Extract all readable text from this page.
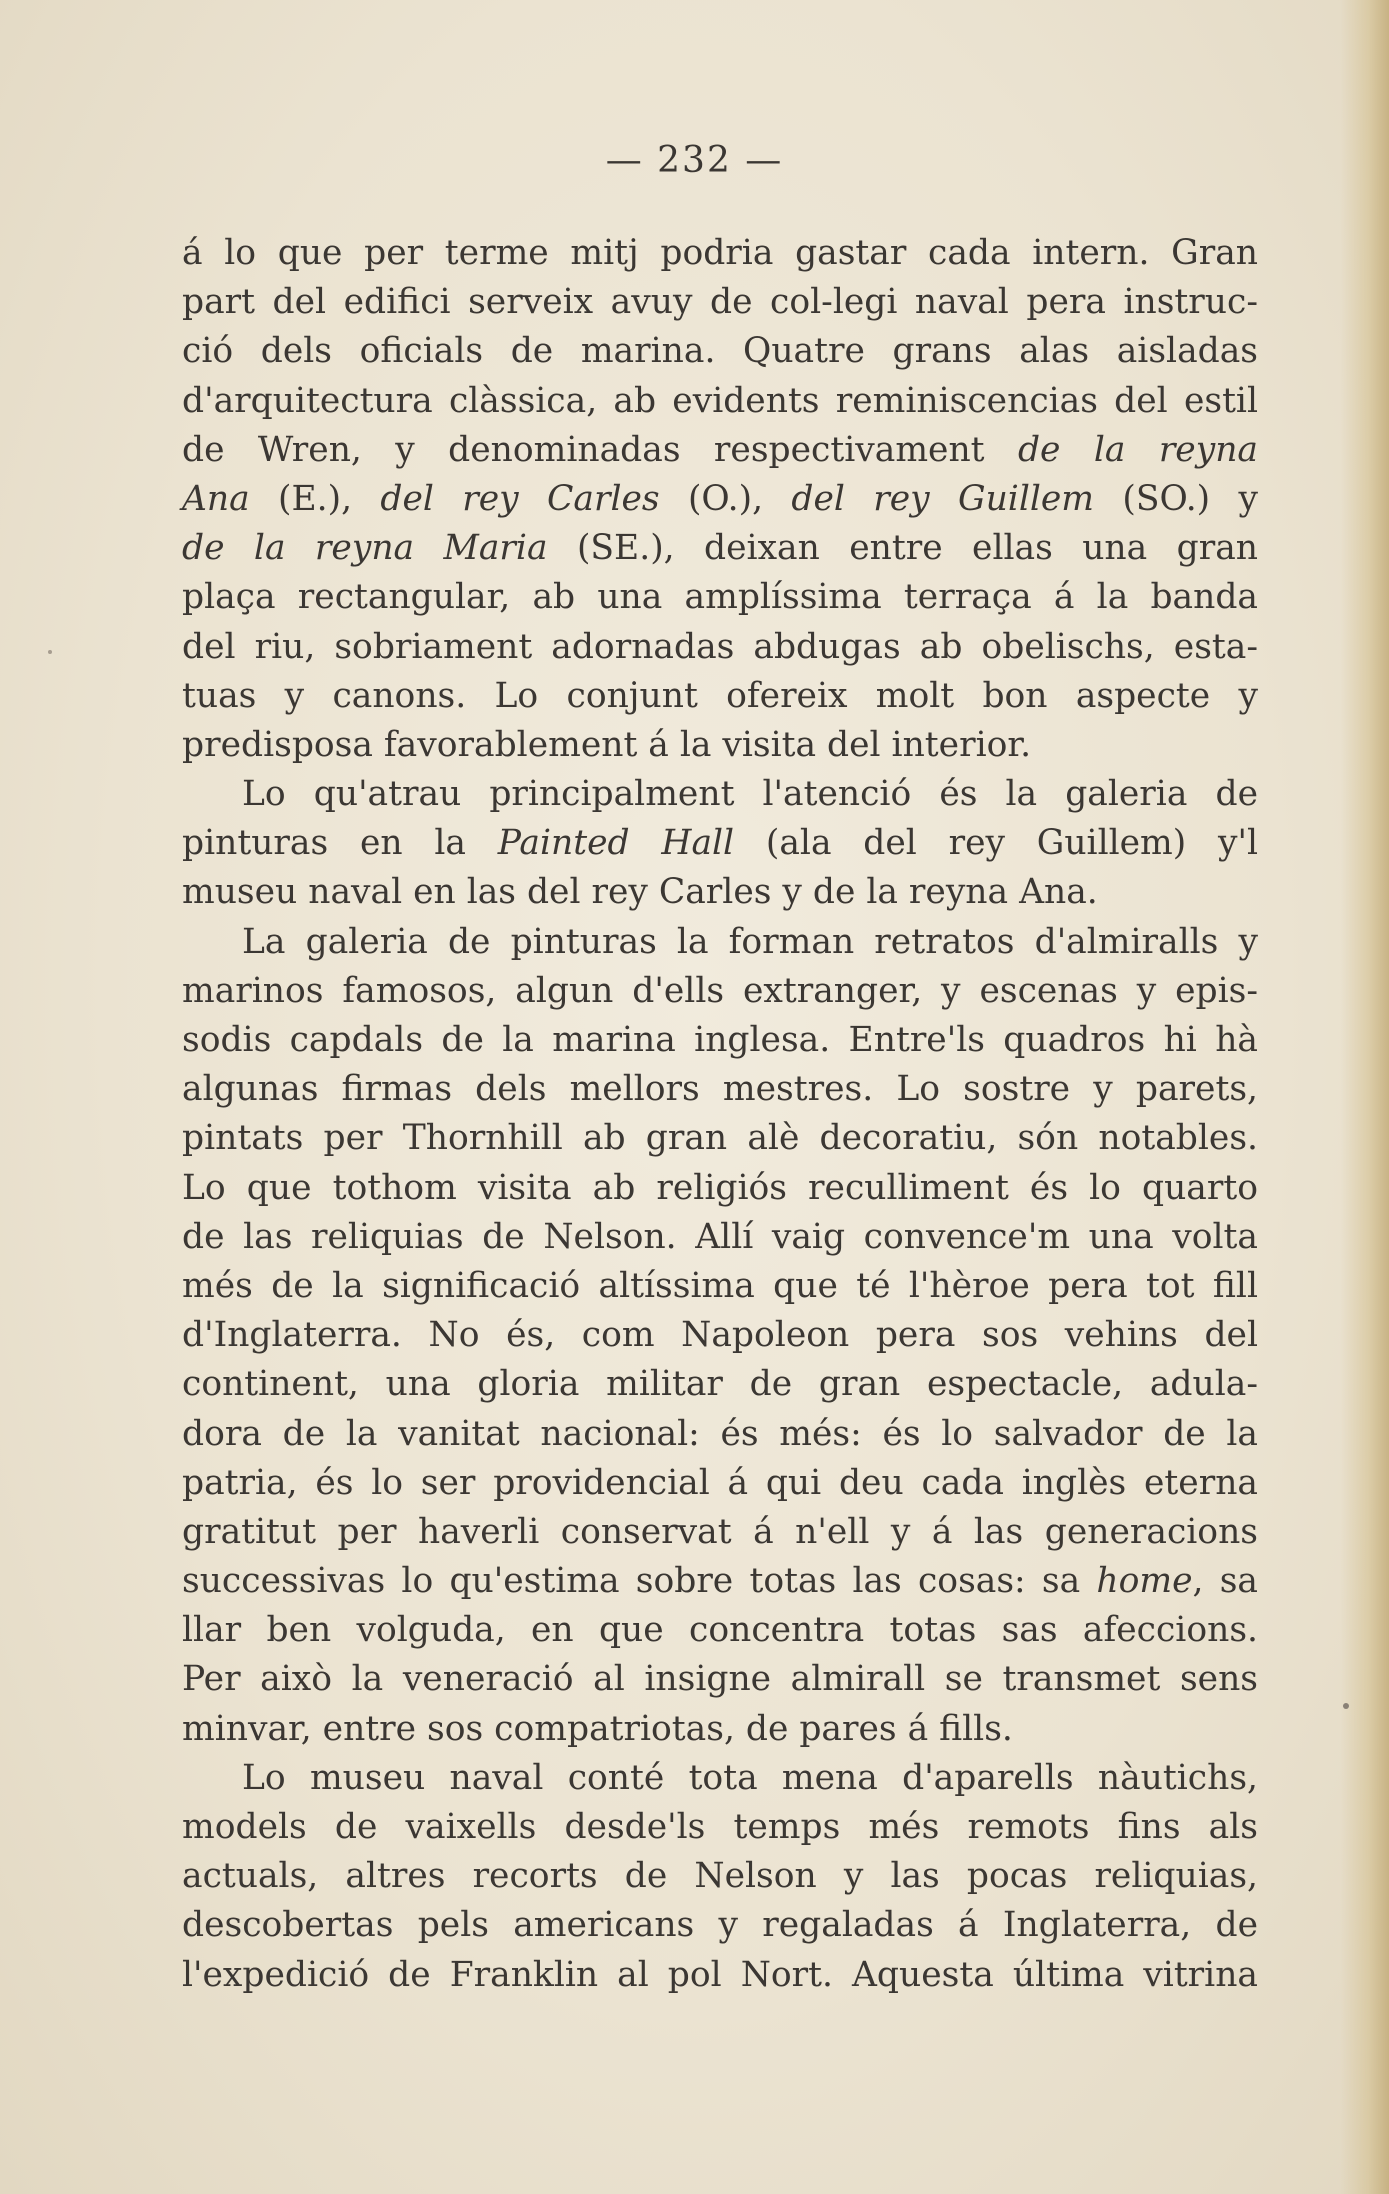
— 232 —
á lo que per terme mitj podria gastar cada intern. Gran
part del edifici serveix avuy de col-legi naval pera instruc-
ció dels oficials de marina. Quatre grans alas aisladas
d'arquitectura clàssica, ab evidents reminiscencias del estil
de Wren, y denominadas respectivament de la reyna
Ana (E.), del rey Carles (O.), del rey Guillem (SO.) y
de la reyna Maria (SE.), deixan entre ellas una gran
plaça rectangular, ab una amplíssima terraça á la banda
del riu, sobriament adornadas abdugas ab obelischs, esta-
tuas y canons. Lo conjunt ofereix molt bon aspecte y
predisposa favorablement á la visita del interior.
Lo qu'atrau principalment l'atenció és la galeria de
pinturas en la Painted Hall (ala del rey Guillem) y'l
museu naval en las del rey Carles y de la reyna Ana.
La galeria de pinturas la forman retratos d'almiralls y
marinos famosos, algun d'ells extranger, y escenas y epis-
sodis capdals de la marina inglesa. Entre'ls quadros hi hà
algunas firmas dels mellors mestres. Lo sostre y parets,
pintats per Thornhill ab gran alè decoratiu, són notables.
Lo que tothom visita ab religiós reculliment és lo quarto
de las reliquias de Nelson. Allí vaig convence'm una volta
més de la significació altíssima que té l'hèroe pera tot fill
d'Inglaterra. No és, com Napoleon pera sos vehins del
continent, una gloria militar de gran espectacle, adula-
dora de la vanitat nacional: és més: és lo salvador de la
patria, és lo ser providencial á qui deu cada inglès eterna
gratitut per haverli conservat á n'ell y á las generacions
successivas lo qu'estima sobre totas las cosas: sa home, sa
llar ben volguda, en que concentra totas sas afeccions.
Per això la veneració al insigne almirall se transmet sens
minvar, entre sos compatriotas, de pares á fills.
Lo museu naval conté tota mena d'aparells nàutichs,
models de vaixells desde'ls temps més remots fins als
actuals, altres recorts de Nelson y las pocas reliquias,
descobertas pels americans y regaladas á Inglaterra, de
l'expedició de Franklin al pol Nort. Aquesta última vitrina
